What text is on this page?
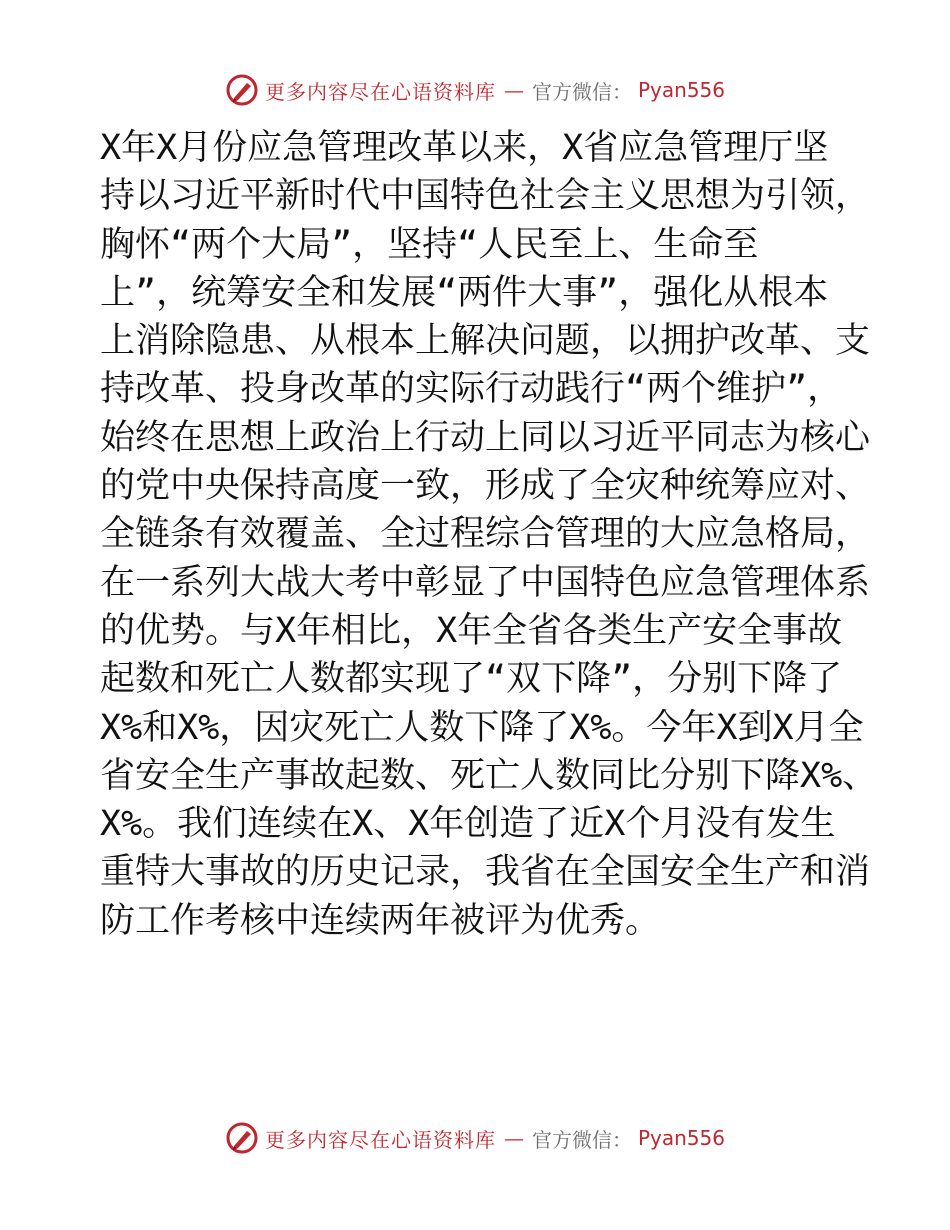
更多内容尽在心语资料库 — 官方微信： Pyan556
X年X月份应急管理改革以来，X省应急管理厅坚
持以习近平新时代中国特色社会主义思想为引领，
胸怀“两个大局”，坚持“人民至上、生命至
上”，统筹安全和发展“两件大事”，强化从根本
上消除隐患、从根本上解决问题，以拥护改革、支
持改革、投身改革的实际行动践行“两个维护”，
始终在思想上政治上行动上同以习近平同志为核心
的党中央保持高度一致，形成了全灾种统筹应对、
全链条有效覆盖、全过程综合管理的大应急格局，
在一系列大战大考中彰显了中国特色应急管理体系
的优势。与X年相比，X年全省各类生产安全事故
起数和死亡人数都实现了“双下降”，分别下降了
X%和X%，因灾死亡人数下降了X%。今年X到X月全
省安全生产事故起数、死亡人数同比分别下降X%、
X%。我们连续在X、X年创造了近X个月没有发生
重特大事故的历史记录，我省在全国安全生产和消
防工作考核中连续两年被评为优秀。
更多内容尽在心语资料库 — 官方微信： Pyan556
